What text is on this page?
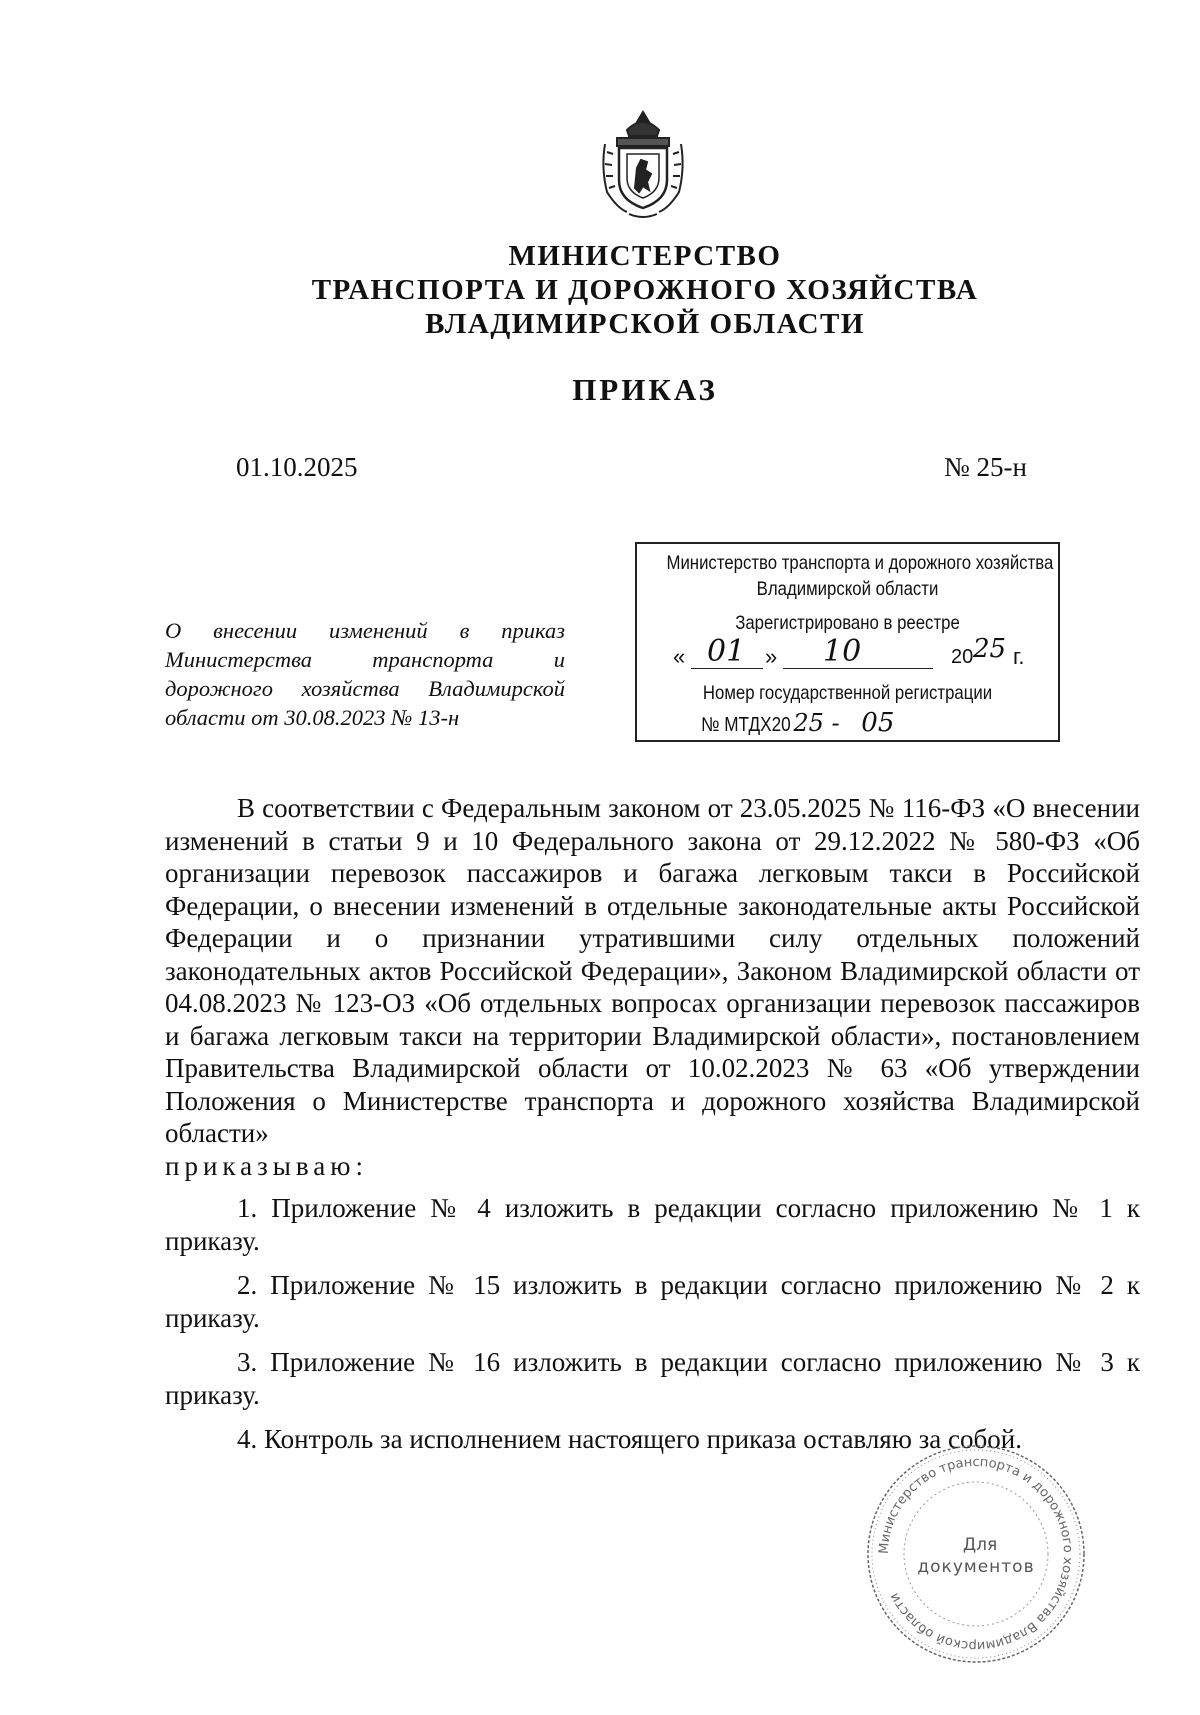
МИНИСТЕРСТВО
ТРАНСПОРТА И ДОРОЖНОГО ХОЗЯЙСТВА
ВЛАДИМИРСКОЙ ОБЛАСТИ
ПРИКАЗ
01.10.2025	№ 25-н
О внесении изменений в приказ Министерства транспорта и дорожного хозяйства Владимирской области от 30.08.2023 № 13-н
Министерство транспорта и дорожного хозяйства
Владимирской области
Зарегистрировано в реестре
« 01 » 10	20 25 г.
Номер государственной регистрации
№ МТДХ20 25 - 05

В соответствии с Федеральным законом от 23.05.2025 № 116-ФЗ «О внесении изменений в статьи 9 и 10 Федерального закона от 29.12.2022 № 580-ФЗ «Об организации перевозок пассажиров и багажа легковым такси в Российской Федерации, о внесении изменений в отдельные законодательные акты Российской Федерации и о признании утратившими силу отдельных положений законодательных актов Российской Федерации», Законом Владимирской области от 04.08.2023 № 123-ОЗ «Об отдельных вопросах организации перевозок пассажиров и багажа легковым такси на территории Владимирской области», постановлением Правительства Владимирской области от 10.02.2023 № 63 «Об утверждении Положения о Министерстве транспорта и дорожного хозяйства Владимирской области»

приказываю:

1. Приложение № 4 изложить в редакции согласно приложению № 1 к приказу.

2. Приложение № 15 изложить в редакции согласно приложению № 2 к приказу.

3. Приложение № 16 изложить в редакции согласно приложению № 3 к приказу.

4. Контроль за исполнением настоящего приказа оставляю за собой.

Министерство транспорта и дорожного хозяйства Владимирской области
Для
документов
